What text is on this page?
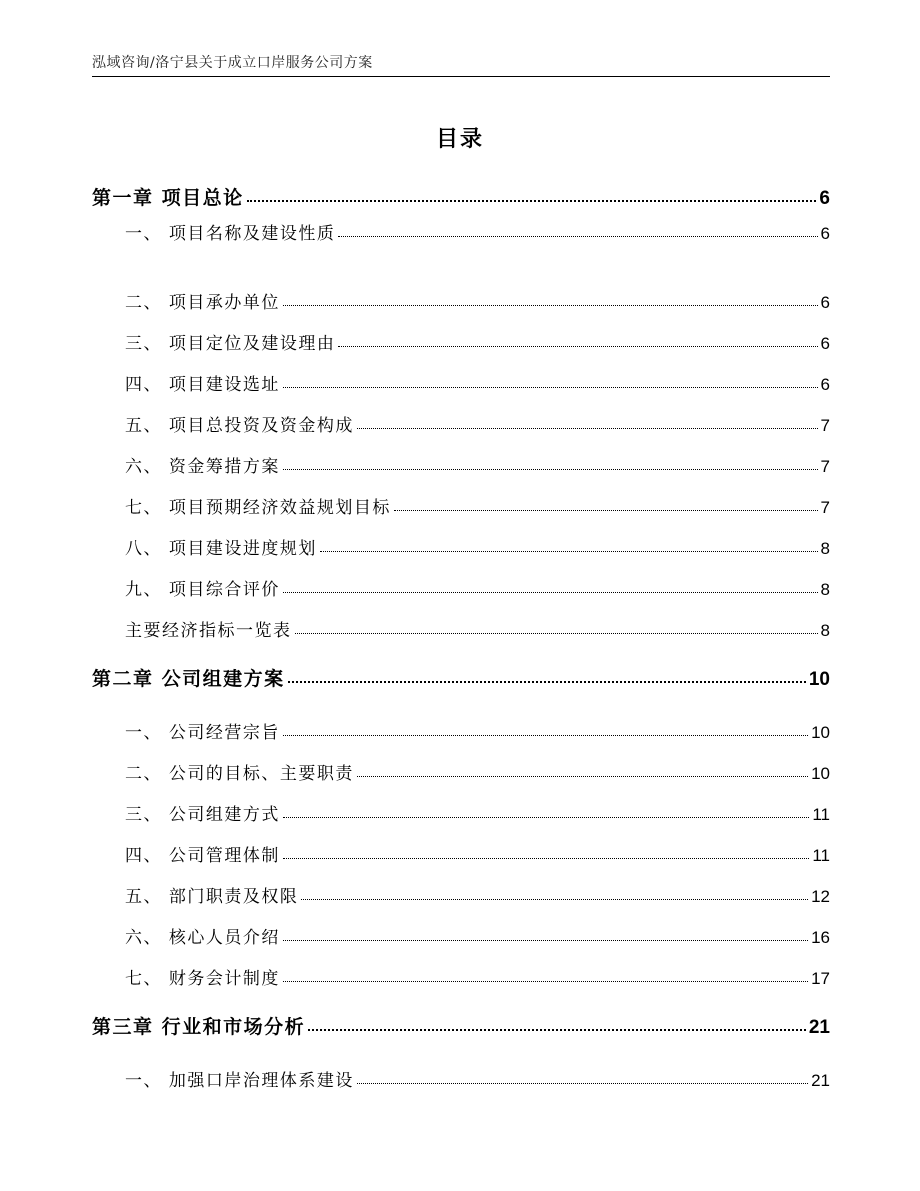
泓域咨询/洛宁县关于成立口岸服务公司方案
目录
第一章 项目总论	6
一、 项目名称及建设性质	6
二、 项目承办单位	6
三、 项目定位及建设理由	6
四、 项目建设选址	6
五、 项目总投资及资金构成	7
六、 资金筹措方案	7
七、 项目预期经济效益规划目标	7
八、 项目建设进度规划	8
九、 项目综合评价	8
主要经济指标一览表	8
第二章 公司组建方案	10
一、 公司经营宗旨	10
二、 公司的目标、主要职责	10
三、 公司组建方式	11
四、 公司管理体制	11
五、 部门职责及权限	12
六、 核心人员介绍	16
七、 财务会计制度	17
第三章 行业和市场分析	21
一、 加强口岸治理体系建设	21
